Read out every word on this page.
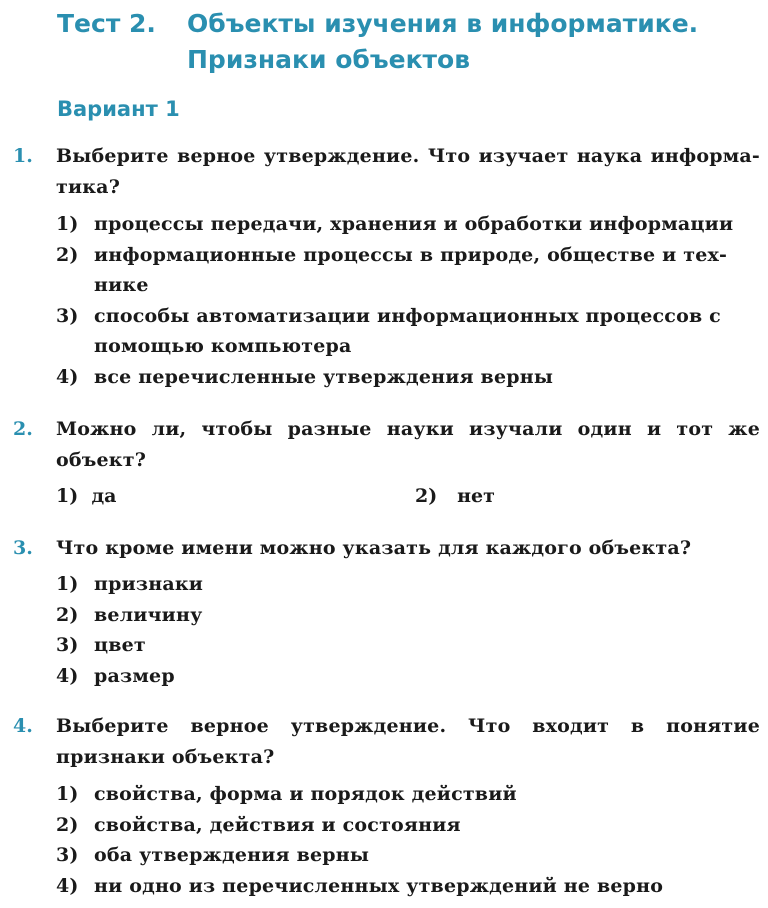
Тест 2. Объекты изучения в информатике.
Признаки объектов
Вариант 1
1. Выберите верное утверждение. Что изучает наука информа-тика?
1) процессы передачи, хранения и обработки информации
2) информационные процессы в природе, обществе и тех-нике
3) способы автоматизации информационных процессов с помощью компьютера
4) все перечисленные утверждения верны
2. Можно ли, чтобы разные науки изучали один и тот же объект?
1) да	2) нет
3. Что кроме имени можно указать для каждого объекта?
1) признаки
2) величину
3) цвет
4) размер
4. Выберите верное утверждение. Что входит в понятие признаки объекта?
1) свойства, форма и порядок действий
2) свойства, действия и состояния
3) оба утверждения верны
4) ни одно из перечисленных утверждений не верно
